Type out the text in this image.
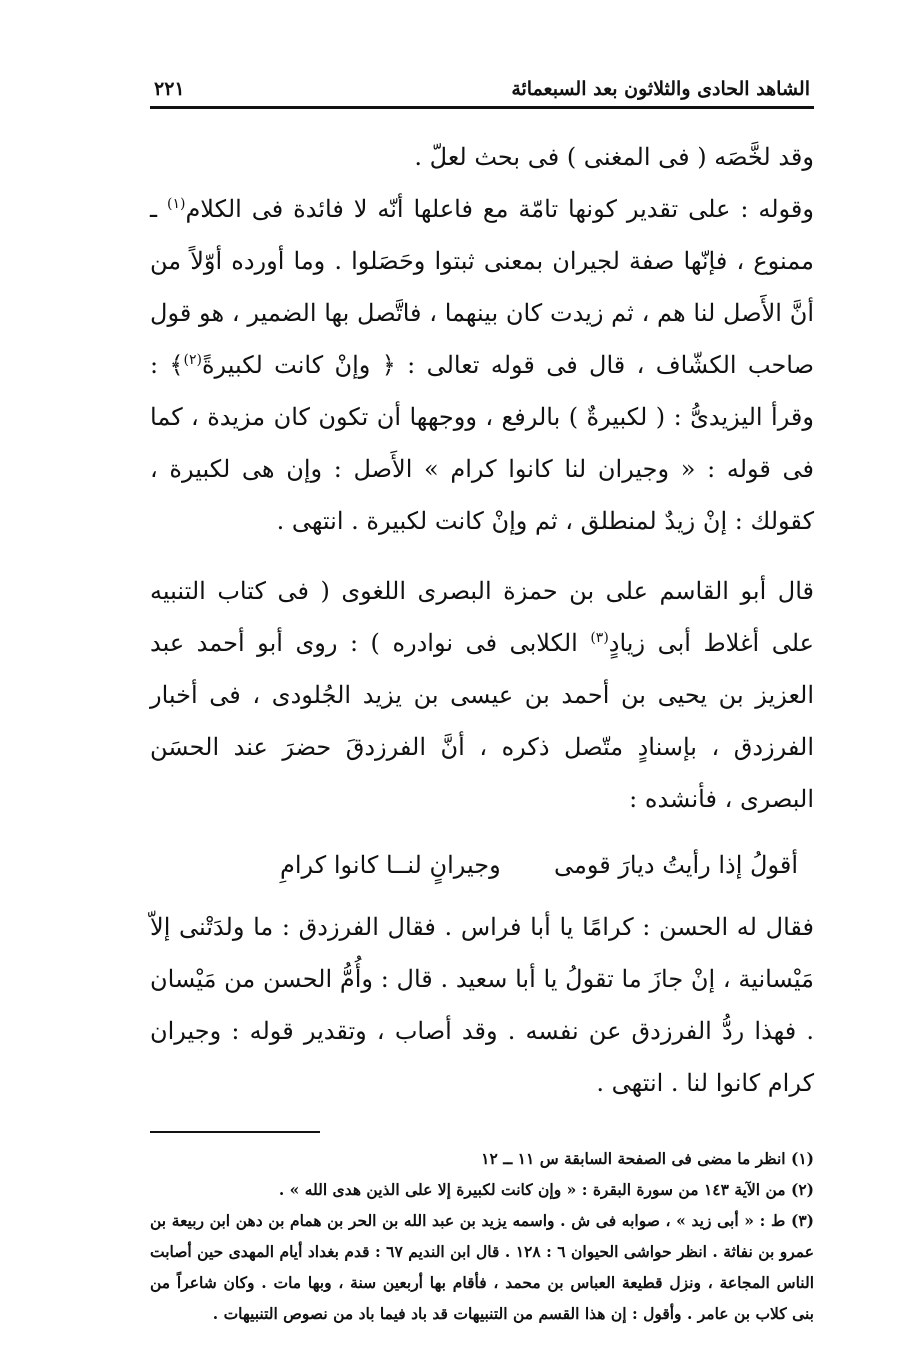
الشاهد الحادى والثلاثون بعد السبعمائة
٢٢١

وقد لخَّصَه ( فى المغنى ) فى بحث لعلّ .

وقوله : على تقدير كونها تامّة مع فاعلها أنّه لا فائدة فى الكلام$^{(١)}$ ـ ممنوع ، فإنّها صفة لجيران بمعنى ثبتوا وحَصَلوا . وما أورده أوّلاً من أنَّ الأَصل لنا هم ، ثم زيدت كان بينهما ، فاتَّصل بها الضمير ، هو قول صاحب الكشّاف ، قال فى قوله تعالى : ﴿ وإنْ كانت لكبيرةً$^{(٢)}$﴾ : وقرأ اليزيدىُّ : ( لكبيرةٌ ) بالرفع ، ووجهها أن تكون كان مزيدة ، كما فى قوله : « وجيران لنا كانوا كرام » الأَصل : وإن هى لكبيرة ، كقولك : إنْ زيدٌ لمنطلق ، ثم وإنْ كانت لكبيرة . انتهى .

قال أبو القاسم على بن حمزة البصرى اللغوى ( فى كتاب التنبيه على أغلاط أبى زيادٍ$^{(٣)}$ الكلابى فى نوادره ) : روى أبو أحمد عبد العزيز بن يحيى بن أحمد بن عيسى بن يزيد الجُلودى ، فى أخبار الفرزدق ، بإسنادٍ متّصل ذكره ، أنَّ الفرزدقَ حضرَ عند الحسَن البصرى ، فأنشده :

أقولُ إذا رأيتُ ديارَ قومى
وجيرانٍ لنــا كانوا كرامِ

فقال له الحسن : كرامًا يا أبا فراس . فقال الفرزدق : ما ولدَتْنى إلاّ مَيْسانية ، إنْ جازَ ما تقولُ يا أبا سعيد . قال : وأُمُّ الحسن من مَيْسان . فهذا ردُّ الفرزدق عن نفسه . وقد أصاب ، وتقدير قوله : وجيران كرام كانوا لنا . انتهى .

(١) انظر ما مضى فى الصفحة السابقة س ١١ ــ ١٢

(٢) من الآية ١٤٣ من سورة البقرة : « وإن كانت لكبيرة إلا على الذين هدى الله » .

(٣) ط : « أبى زيد » ، صوابه فى ش . واسمه يزيد بن عبد الله بن الحر بن همام بن دهن ابن ربيعة بن عمرو بن نفاثة . انظر حواشى الحيوان ٦ : ١٢٨ . قال ابن النديم ٦٧ : قدم بغداد أيام المهدى حين أصابت الناس المجاعة ، ونزل قطيعة العباس بن محمد ، فأقام بها أربعين سنة ، وبها مات . وكان شاعراً من بنى كلاب بن عامر . وأقول : إن هذا القسم من التنبيهات قد باد فيما باد من نصوص التنبيهات .
